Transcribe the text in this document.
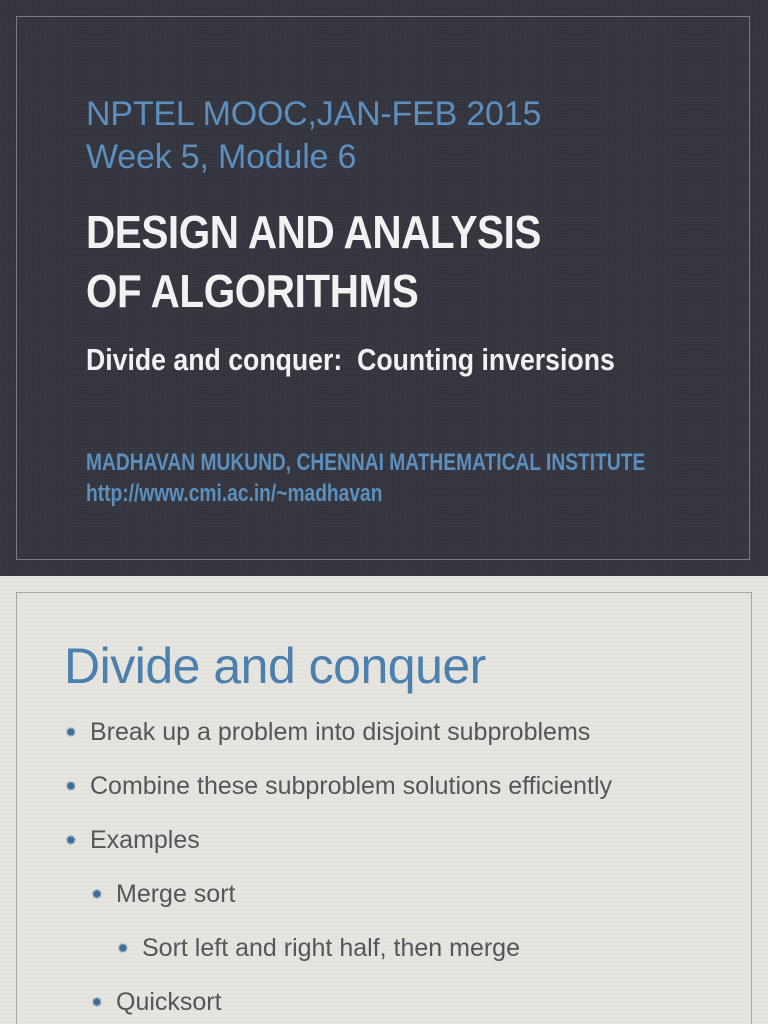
NPTEL MOOC,JAN-FEB 2015
Week 5, Module 6
DESIGN AND ANALYSIS
OF ALGORITHMS
Divide and conquer:  Counting inversions
MADHAVAN MUKUND, CHENNAI MATHEMATICAL INSTITUTE
http://www.cmi.ac.in/~madhavan
Divide and conquer
✹ Break up a problem into disjoint subproblems
✹ Combine these subproblem solutions efficiently
✹ Examples
✹ Merge sort
✹ Sort left and right half, then merge
✹ Quicksort
